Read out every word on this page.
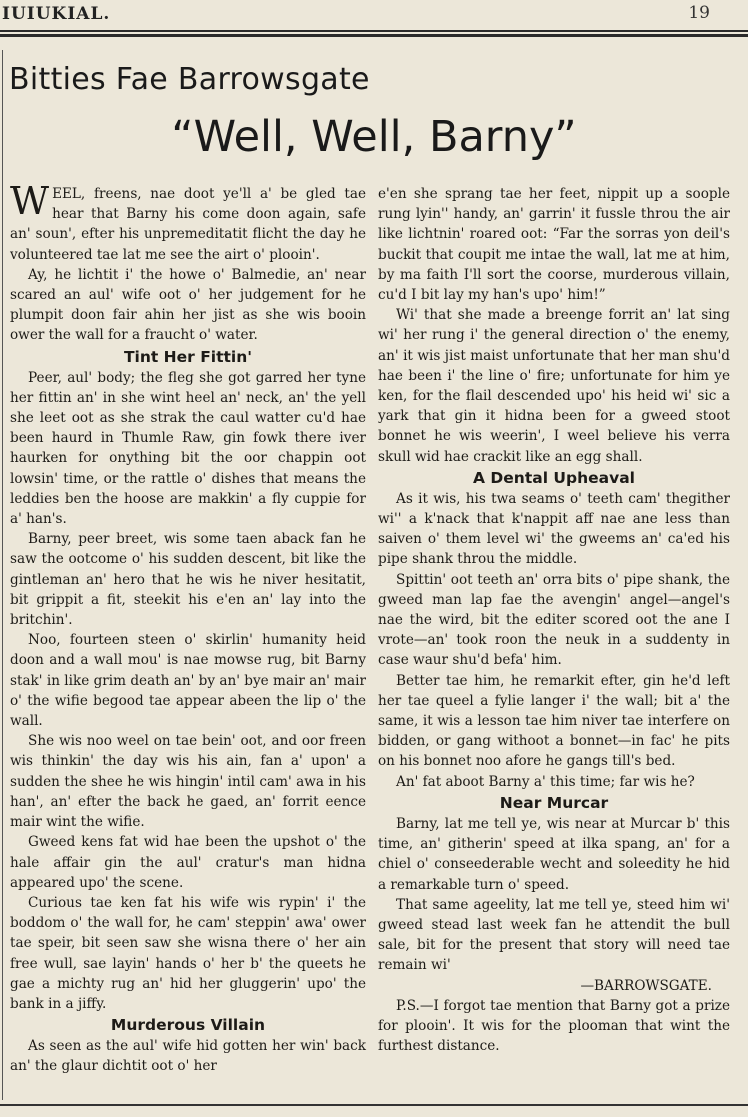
IUIUKIAL.	19
Bitties Fae Barrowsgate
“Well, Well, Barny”

WEEL, freens, nae doot ye'll a' be gled tae hear that Barny his come doon again, safe an' soun', efter his unpremeditatit flicht the day he volunteered tae lat me see the airt o' plooin'.

Ay, he lichtit i' the howe o' Balmedie, an' near scared an aul' wife oot o' her judgement for he plumpit doon fair ahin her jist as she wis booin ower the wall for a fraucht o' water.

Tint Her Fittin'

Peer, aul' body; the fleg she got garred her tyne her fittin an' in she wint heel an' neck, an' the yell she leet oot as she strak the caul watter cu'd hae been haurd in Thumle Raw, gin fowk there iver haurken for onything bit the oor chappin oot lowsin' time, or the rattle o' dishes that means the leddies ben the hoose are makkin' a fly cuppie for a' han's.

Barny, peer breet, wis some taen aback fan he saw the ootcome o' his sudden descent, bit like the gintleman an' hero that he wis he niver hesitatit, bit grippit a fit, steekit his e'en an' lay into the britchin'.

Noo, fourteen steen o' skirlin' humanity heid doon and a wall mou' is nae mowse rug, bit Barny stak' in like grim death an' by an' bye mair an' mair o' the wifie begood tae appear abeen the lip o' the wall.

She wis noo weel on tae bein' oot, and oor freen wis thinkin' the day wis his ain, fan a' upon' a sudden the shee he wis hingin' intil cam' awa in his han', an' efter the back he gaed, an' forrit eence mair wint the wifie.

Gweed kens fat wid hae been the upshot o' the hale affair gin the aul' cratur's man hidna appeared upo' the scene.

Curious tae ken fat his wife wis rypin' i' the boddom o' the wall for, he cam' steppin' awa' ower tae speir, bit seen saw she wisna there o' her ain free wull, sae layin' hands o' her b' the queets he gae a michty rug an' hid her gluggerin' upo' the bank in a jiffy.

Murderous Villain

As seen as the aul' wife hid gotten her win' back an' the glaur dichtit oot o' her

e'en she sprang tae her feet, nippit up a soople rung lyin'' handy, an' garrin' it fussle throu the air like lichtnin' roared oot: “Far the sorras yon deil's buckit that coupit me intae the wall, lat me at him, by ma faith I'll sort the coorse, murderous villain, cu'd I bit lay my han's upo' him!”

Wi' that she made a breenge forrit an' lat sing wi' her rung i' the general direction o' the enemy, an' it wis jist maist unfortunate that her man shu'd hae been i' the line o' fire; unfortunate for him ye ken, for the flail descended upo' his heid wi' sic a yark that gin it hidna been for a gweed stoot bonnet he wis weerin', I weel believe his verra skull wid hae crackit like an egg shall.

A Dental Upheaval

As it wis, his twa seams o' teeth cam' thegither wi'' a k'nack that k'nappit aff nae ane less than saiven o' them level wi' the gweems an' ca'ed his pipe shank throu the middle.

Spittin' oot teeth an' orra bits o' pipe shank, the gweed man lap fae the avengin' angel—angel's nae the wird, bit the editer scored oot the ane I vrote—an' took roon the neuk in a suddenty in case waur shu'd befa' him.

Better tae him, he remarkit efter, gin he'd left her tae queel a fylie langer i' the wall; bit a' the same, it wis a lesson tae him niver tae interfere on bidden, or gang withoot a bonnet—in fac' he pits on his bonnet noo afore he gangs till's bed.

An' fat aboot Barny a' this time; far wis he?

Near Murcar

Barny, lat me tell ye, wis near at Murcar b' this time, an' githerin' speed at ilka spang, an' for a chiel o' conseederable wecht and soleedity he hid a remarkable turn o' speed.

That same ageelity, lat me tell ye, steed him wi' gweed stead last week fan he attendit the bull sale, bit for the present that story will need tae remain wi'

—BARROWSGATE.

P.S.—I forgot tae mention that Barny got a prize for plooin'. It wis for the plooman that wint the furthest distance.
